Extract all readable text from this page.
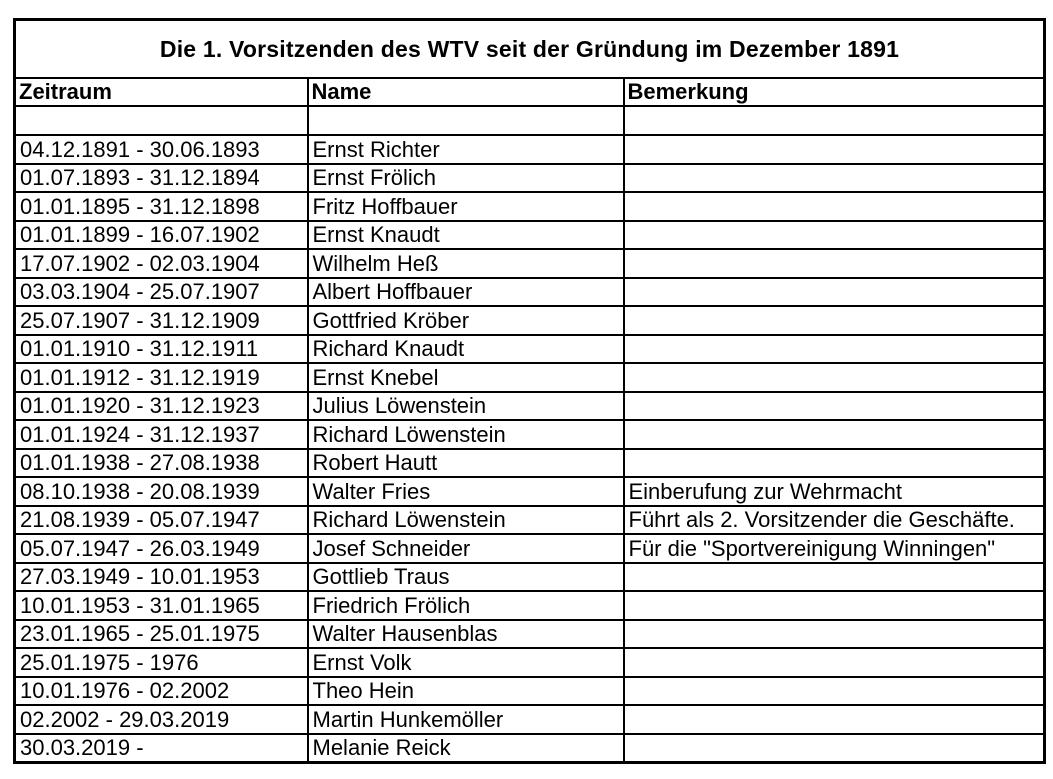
Die 1. Vorsitzenden des WTV seit der Gründung im Dezember 1891		
Zeitraum	Name	Bemerkung

04.12.1891 - 30.06.1893	Ernst Richter	
01.07.1893 - 31.12.1894	Ernst Frölich	
01.01.1895 - 31.12.1898	Fritz Hoffbauer	
01.01.1899 - 16.07.1902	Ernst Knaudt	
17.07.1902 - 02.03.1904	Wilhelm Heß	
03.03.1904 - 25.07.1907	Albert Hoffbauer	
25.07.1907 - 31.12.1909	Gottfried Kröber	
01.01.1910 - 31.12.1911	Richard Knaudt	
01.01.1912 - 31.12.1919	Ernst Knebel	
01.01.1920 - 31.12.1923	Julius Löwenstein	
01.01.1924 - 31.12.1937	Richard Löwenstein	
01.01.1938 - 27.08.1938	Robert Hautt	
08.10.1938 - 20.08.1939	Walter Fries	Einberufung zur Wehrmacht
21.08.1939 - 05.07.1947	Richard Löwenstein	Führt als 2. Vorsitzender die Geschäfte.
05.07.1947 - 26.03.1949	Josef Schneider	Für die "Sportvereinigung Winningen"
27.03.1949 - 10.01.1953	Gottlieb Traus	
10.01.1953 - 31.01.1965	Friedrich Frölich	
23.01.1965 - 25.01.1975	Walter Hausenblas	
25.01.1975 - 1976	Ernst Volk	
10.01.1976 - 02.2002	Theo Hein	
02.2002 - 29.03.2019	Martin Hunkemöller	
30.03.2019 -	Melanie Reick	
